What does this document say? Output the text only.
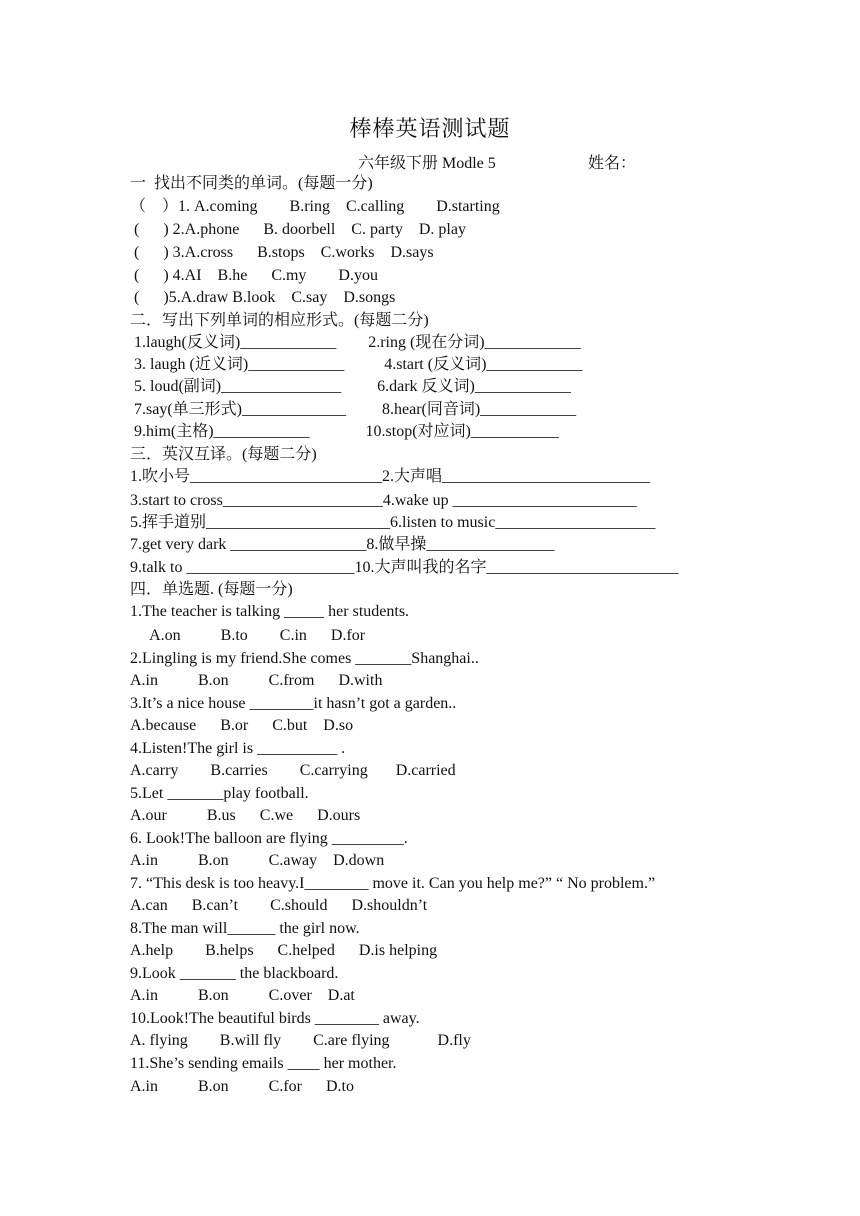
棒棒英语测试题
六年级下册 Modle 5	姓名：
一  找出不同类的单词。(每题一分)
（    ）1. A.coming        B.ring    C.calling        D.starting
(      ) 2.A.phone      B. doorbell    C. party    D. play
(      ) 3.A.cross      B.stops    C.works    D.says
(      ) 4.AI    B.he      C.my        D.you
(      )5.A.draw B.look    C.say    D.songs
二．写出下列单词的相应形式。(每题二分)
1.laugh(反义词)____________        2.ring (现在分词)____________
3. laugh (近义词)____________          4.start (反义词)____________
5. loud(副词)_______________         6.dark 反义词)____________
7.say(单三形式)_____________         8.hear(同音词)____________
9.him(主格)____________              10.stop(对应词)___________
三．英汉互译。(每题二分)
1.吹小号________________________2.大声唱__________________________
3.start to cross____________________4.wake up _______________________
5.挥手道别_______________________6.listen to music____________________
7.get very dark _________________8.做早操________________
9.talk to _____________________10.大声叫我的名字________________________
四．单选题. (每题一分)
1.The teacher is talking _____ her students.
A.on          B.to        C.in      D.for
2.Lingling is my friend.She comes _______Shanghai..
A.in          B.on          C.from      D.with
3.It’s a nice house ________it hasn’t got a garden..
A.because      B.or      C.but    D.so
4.Listen!The girl is __________ .
A.carry        B.carries        C.carrying       D.carried
5.Let _______play football.
A.our          B.us      C.we      D.ours
6. Look!The balloon are flying _________.
A.in          B.on          C.away    D.down
7. “This desk is too heavy.I________ move it. Can you help me?” “ No problem.”
A.can      B.can’t        C.should      D.shouldn’t
8.The man will______ the girl now.
A.help        B.helps      C.helped      D.is helping
9.Look _______ the blackboard.
A.in          B.on          C.over    D.at
10.Look!The beautiful birds ________ away.
A. flying        B.will fly        C.are flying            D.fly
11.She’s sending emails ____ her mother.
A.in          B.on          C.for      D.to
